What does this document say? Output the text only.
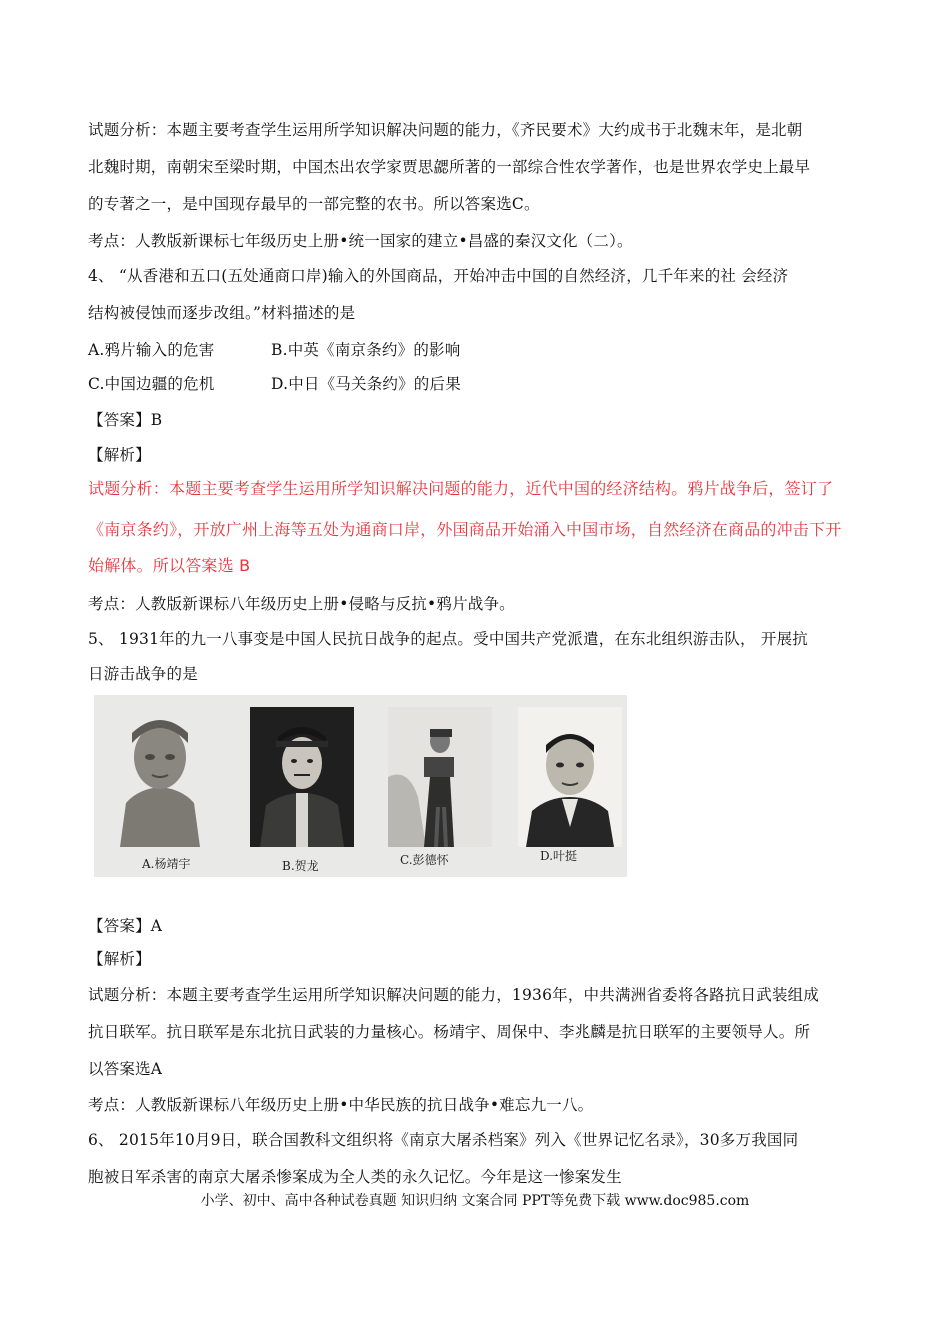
试题分析：本题主要考查学生运用所学知识解决问题的能力，《齐民要术》大约成书于北魏末年，是北朝
北魏时期，南朝宋至梁时期，中国杰出农学家贾思勰所著的一部综合性农学著作，也是世界农学史上最早
的专著之一，是中国现存最早的一部完整的农书。所以答案选C。
考点：人教版新课标七年级历史上册•统一国家的建立•昌盛的秦汉文化（二）。
4、 “从香港和五口(五处通商口岸)输入的外国商品，开始冲击中国的自然经济，几千年来的社 会经济
结构被侵蚀而逐步改组。”材料描述的是
A.鸦片输入的危害	B.中英《南京条约》的影响
C.中国边疆的危机	D.中日《马关条约》的后果
【答案】B
【解析】
试题分析：本题主要考查学生运用所学知识解决问题的能力，近代中国的经济结构。鸦片战争后，签订了
《南京条约》，开放广州上海等五处为通商口岸，外国商品开始涌入中国市场，自然经济在商品的冲击下开
始解体。所以答案选 B
考点：人教版新课标八年级历史上册•侵略与反抗•鸦片战争。
5、 1931年的九一八事变是中国人民抗日战争的起点。受中国共产党派遣，在东北组织游击队， 开展抗
日游击战争的是
A.杨靖宇	B.贺龙	C.彭德怀	D.叶挺
【答案】A
【解析】
试题分析：本题主要考查学生运用所学知识解决问题的能力，1936年，中共满洲省委将各路抗日武装组成
抗日联军。抗日联军是东北抗日武装的力量核心。杨靖宇、周保中、李兆麟是抗日联军的主要领导人。所
以答案选A
考点：人教版新课标八年级历史上册•中华民族的抗日战争•难忘九一八。
6、 2015年10月9日，联合国教科文组织将《南京大屠杀档案》列入《世界记忆名录》，30多万我国同
胞被日军杀害的南京大屠杀惨案成为全人类的永久记忆。今年是这一惨案发生
小学、初中、高中各种试卷真题 知识归纳 文案合同 PPT等免费下载 www.doc985.com
